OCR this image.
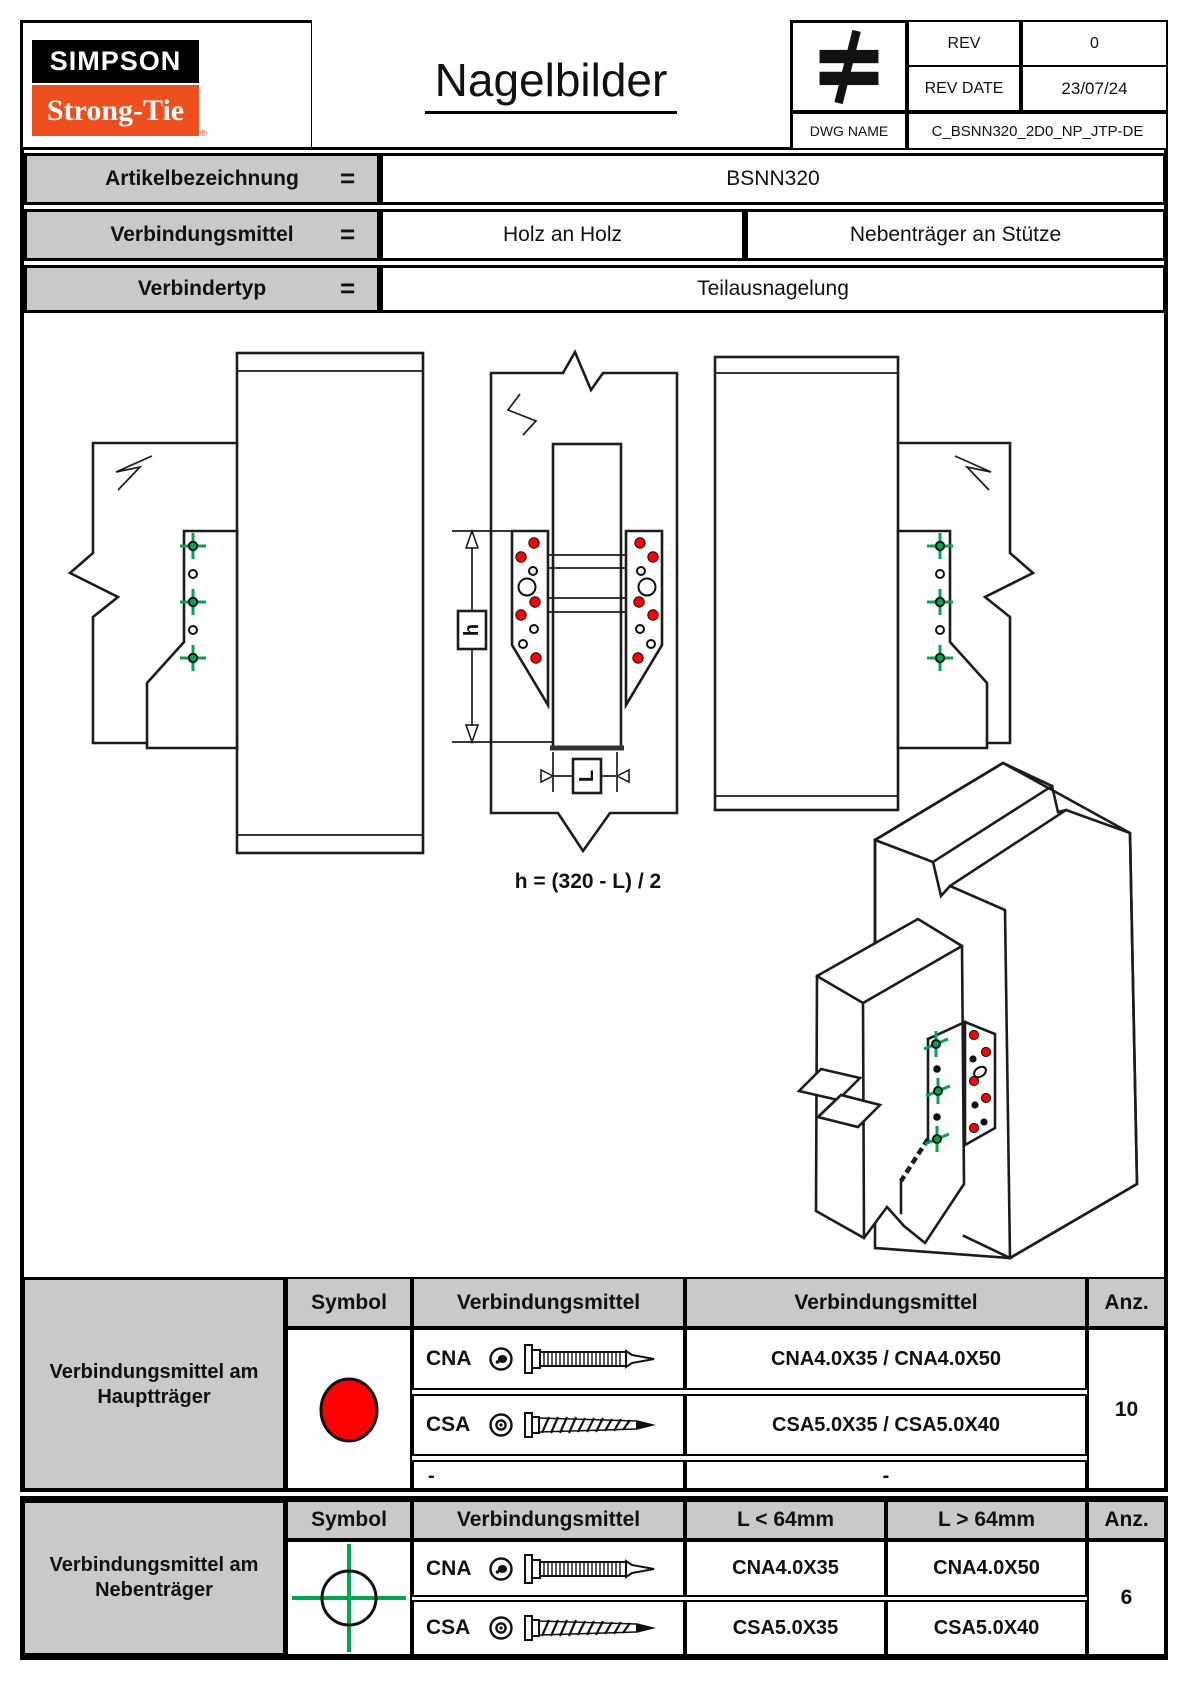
SIMPSON
Strong-Tie
®
Nagelbilder
REV	0
REV DATE	23/07/24
DWG NAME	C_BSNN320_2D0_NP_JTP-DE
Artikelbezeichnung =	BSNN320
Verbindungsmittel =	Holz an Holz	Nebenträger an Stütze
Verbindertyp	=	Teilausnagelung
h
L
h = (320 - L) / 2
Verbindungsmittel am Hauptträger
Symbol	Verbindungsmittel	Verbindungsmittel	Anz.
10
CNA	CNA4.0X35 / CNA4.0X50
CSA	CSA5.0X35 / CSA5.0X40
-	-
Verbindungsmittel am Nebenträger
Symbol	Verbindungsmittel	L < 64mm	L > 64mm	Anz.
6
CNA	CNA4.0X35	CNA4.0X50
CSA	CSA5.0X35	CSA5.0X40
